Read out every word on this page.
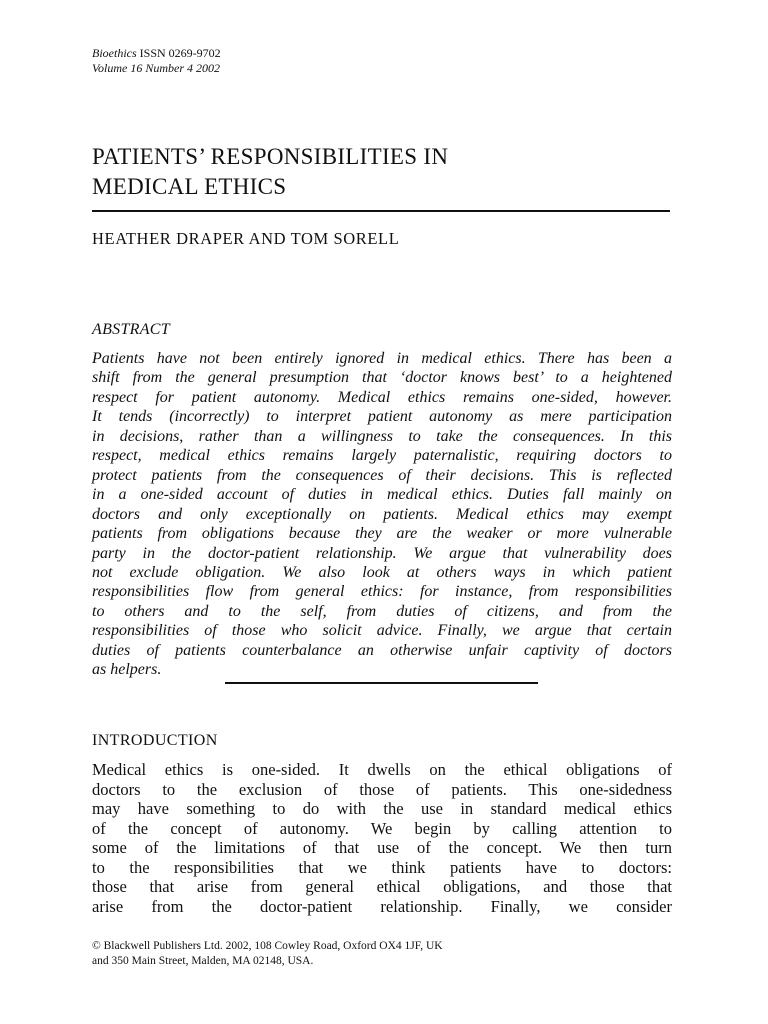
Bioethics ISSN 0269-9702
Volume 16 Number 4 2002
PATIENTS’ RESPONSIBILITIES IN
MEDICAL ETHICS
HEATHER DRAPER AND TOM SORELL
ABSTRACT
Patients have not been entirely ignored in medical ethics. There has been a
shift from the general presumption that ‘doctor knows best’ to a heightened
respect for patient autonomy. Medical ethics remains one-sided, however.
It tends (incorrectly) to interpret patient autonomy as mere participation
in decisions, rather than a willingness to take the consequences. In this
respect, medical ethics remains largely paternalistic, requiring doctors to
protect patients from the consequences of their decisions. This is reflected
in a one-sided account of duties in medical ethics. Duties fall mainly on
doctors and only exceptionally on patients. Medical ethics may exempt
patients from obligations because they are the weaker or more vulnerable
party in the doctor-patient relationship. We argue that vulnerability does
not exclude obligation. We also look at others ways in which patient
responsibilities flow from general ethics: for instance, from responsibilities
to others and to the self, from duties of citizens, and from the
responsibilities of those who solicit advice. Finally, we argue that certain
duties of patients counterbalance an otherwise unfair captivity of doctors
as helpers.
INTRODUCTION
Medical ethics is one-sided. It dwells on the ethical obligations of
doctors to the exclusion of those of patients. This one-sidedness
may have something to do with the use in standard medical ethics
of the concept of autonomy. We begin by calling attention to
some of the limitations of that use of the concept. We then turn
to the responsibilities that we think patients have to doctors:
those that arise from general ethical obligations, and those that
arise from the doctor-patient relationship. Finally, we consider
© Blackwell Publishers Ltd. 2002, 108 Cowley Road, Oxford OX4 1JF, UK
and 350 Main Street, Malden, MA 02148, USA.
